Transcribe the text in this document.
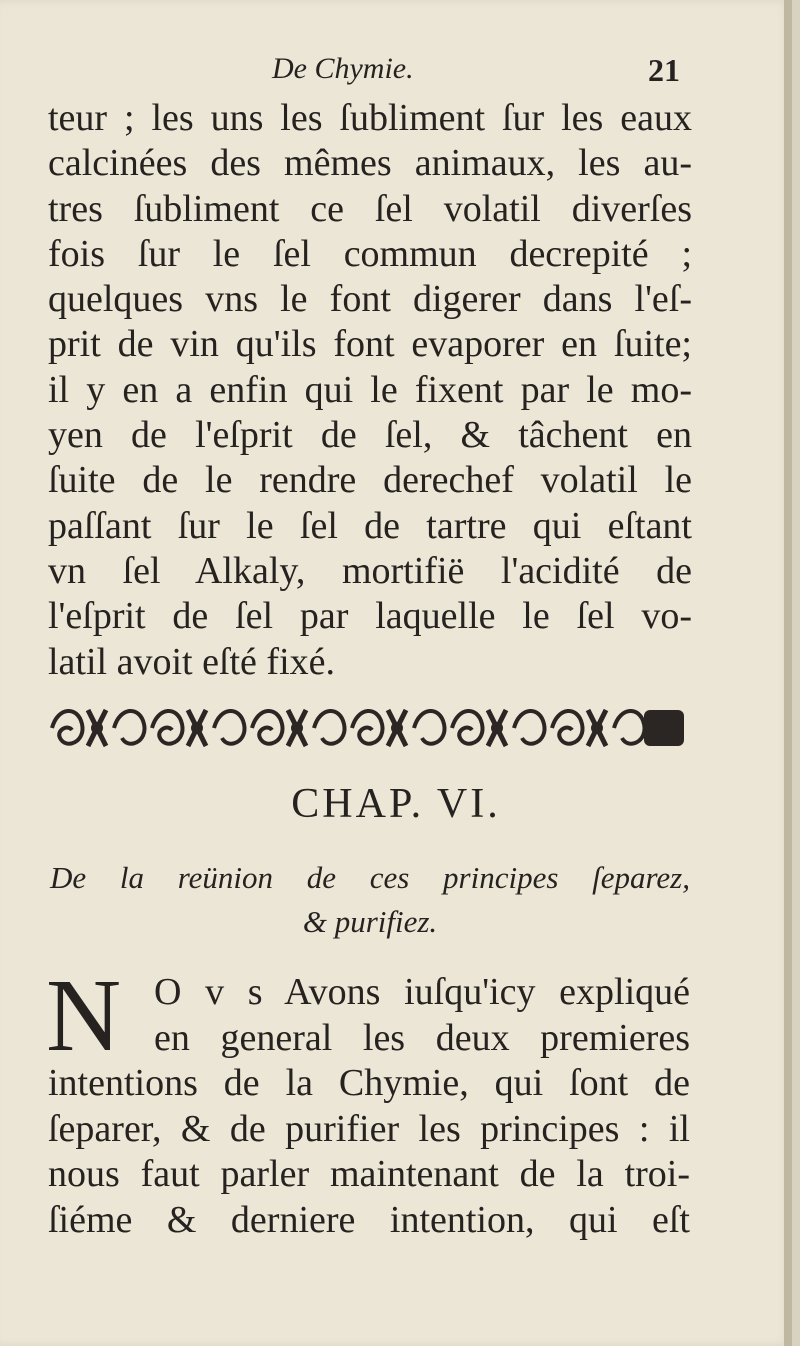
De Chymie.	21
teur ; les uns les ſubliment ſur les eaux
calcinées des mêmes animaux, les au-
tres ſubliment ce ſel volatil diverſes
fois ſur le ſel commun decrepité ;
quelques vns le font digerer dans l'eſ-
prit de vin qu'ils font evaporer en ſuite;
il y en a enfin qui le fixent par le mo-
yen de l'eſprit de ſel, & tâchent en
ſuite de le rendre derechef volatil le
paſſant ſur le ſel de tartre qui eſtant
vn ſel Alkaly, mortifië l'acidité de
l'eſprit de ſel par laquelle le ſel vo-
latil avoit eſté fixé.
CHAP. VI.
De la reünion de ces principes ſeparez,
& purifiez.
N O v s Avons iuſqu'icy expliqué
en general les deux premieres
intentions de la Chymie, qui ſont de
ſeparer, & de purifier les principes : il
nous faut parler maintenant de la troi-
ſiéme & derniere intention, qui eſt
